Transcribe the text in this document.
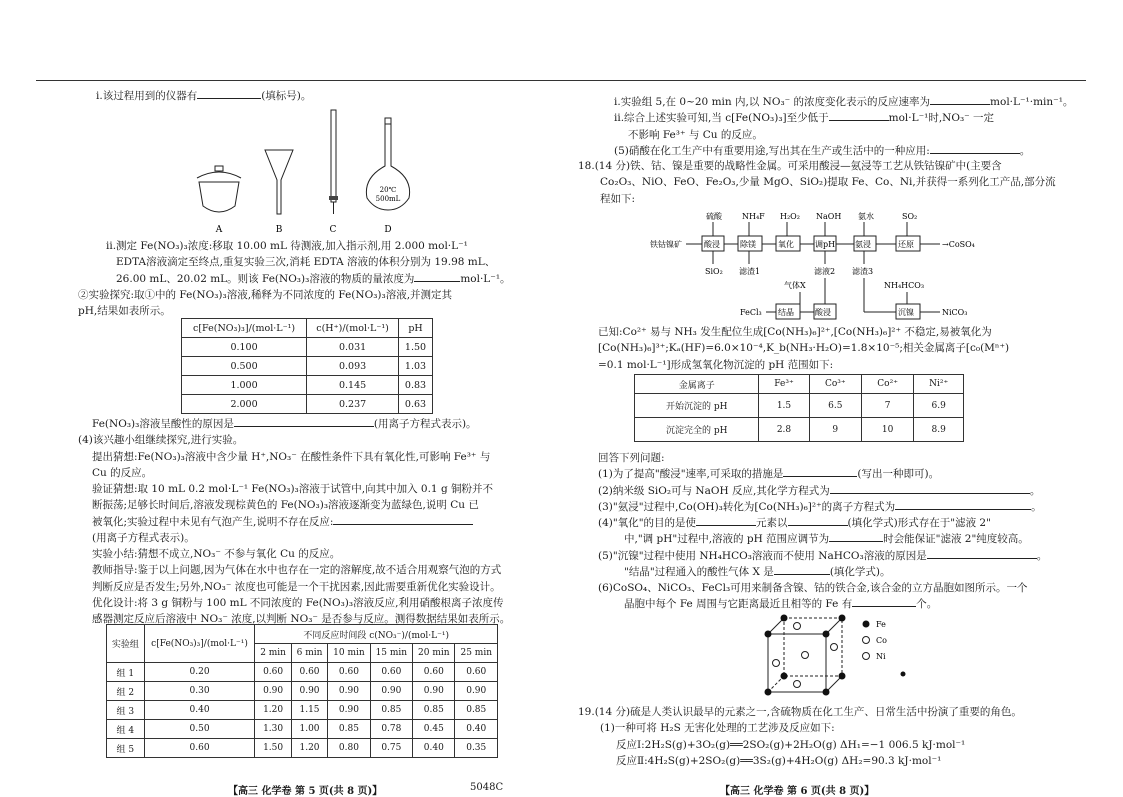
ⅰ.该过程用到的仪器有	(填标号)。
20℃
500mL
A	B	C	D
ⅱ.测定 Fe(NO₃)₃浓度:移取 10.00 mL 待测液,加入指示剂,用 2.000 mol·L⁻¹
EDTA溶液滴定至终点,重复实验三次,消耗 EDTA 溶液的体积分别为 19.98 mL、
26.00 mL、20.02 mL。则该 Fe(NO₃)₃溶液的物质的量浓度为	mol·L⁻¹。
②实验探究:取①中的 Fe(NO₃)₃溶液,稀释为不同浓度的 Fe(NO₃)₃溶液,并测定其
pH,结果如表所示。
c[Fe(NO₃)₃]/(mol·L⁻¹)	c(H⁺)/(mol·L⁻¹)	pH
0.100	0.031	1.50
0.500	0.093	1.03
1.000	0.145	0.83
2.000	0.237	0.63
Fe(NO₃)₃溶液呈酸性的原因是	(用离子方程式表示)。
(4)该兴趣小组继续探究,进行实验。
提出猜想:Fe(NO₃)₃溶液中含少量 H⁺,NO₃⁻ 在酸性条件下具有氧化性,可影响 Fe³⁺ 与
Cu 的反应。
验证猜想:取 10 mL 0.2 mol·L⁻¹ Fe(NO₃)₃溶液于试管中,向其中加入 0.1 g 铜粉并不
断振荡;足够长时间后,溶液发现棕黄色的 Fe(NO₃)₃溶液逐渐变为蓝绿色,说明 Cu 已
被氧化;实验过程中未见有气泡产生,说明不存在反应:
(用离子方程式表示)。
实验小结:猜想不成立,NO₃⁻ 不参与氧化 Cu 的反应。
教师指导:鉴于以上问题,因为气体在水中也存在一定的溶解度,故不适合用观察气泡的方式
判断反应是否发生;另外,NO₃⁻ 浓度也可能是一个干扰因素,因此需要重新优化实验设计。
优化设计:将 3 g 铜粉与 100 mL 不同浓度的 Fe(NO₃)₃溶液反应,利用硝酸根离子浓度传
感器测定反应后溶液中 NO₃⁻ 浓度,以判断 NO₃⁻ 是否参与反应。测得数据结果如表所示。
实验组	c[Fe(NO₃)₃]/(mol·L⁻¹)	不同反应时间段 c(NO₃⁻)/(mol·L⁻¹)					
		2 min	6 min	10 min	15 min	20 min	25 min
组 1	0.20	0.60	0.60	0.60	0.60	0.60	0.60
组 2	0.30	0.90	0.90	0.90	0.90	0.90	0.90
组 3	0.40	1.20	1.15	0.90	0.85	0.85	0.85
组 4	0.50	1.30	1.00	0.85	0.78	0.45	0.40
组 5	0.60	1.50	1.20	0.80	0.75	0.40	0.35
【高三 化学卷 第 5 页(共 8 页)】	5048C
ⅰ.实验组 5,在 0~20 min 内,以 NO₃⁻ 的浓度变化表示的反应速率为	mol·L⁻¹·min⁻¹。
ⅱ.综合上述实验可知,当 c[Fe(NO₃)₃]至少低于	mol·L⁻¹时,NO₃⁻ 一定
不影响 Fe³⁺ 与 Cu 的反应。
(5)硝酸在化工生产中有重要用途,写出其在生产或生活中的一种应用:	。
18.(14 分)铁、钴、镍是重要的战略性金属。可采用酸浸—氨浸等工艺从铁钴镍矿中(主要含
Co₂O₃、NiO、FeO、Fe₂O₃,少量 MgO、SiO₂)提取 Fe、Co、Ni,并获得一系列化工产品,部分流
程如下:
铁钴镍矿
硫酸	NH₄F H₂O₂ NaOH 氨水	SO₂
酸浸	除镁	氧化	调pH 氨浸	还原	→CoSO₄
SiO₂ 滤渣1	滤液2 滤渣3
气体X	NH₄HCO₃
结晶	酸浸	沉镍
FeCl₃	NiCO₃
已知:Co²⁺ 易与 NH₃ 发生配位生成[Co(NH₃)₆]²⁺,[Co(NH₃)₆]²⁺ 不稳定,易被氧化为
[Co(NH₃)₆]³⁺;Kₐ(HF)=6.0×10⁻⁴,K_b(NH₃·H₂O)=1.8×10⁻⁵;相关金属离子[c₀(Mⁿ⁺)
=0.1 mol·L⁻¹]形成氢氧化物沉淀的 pH 范围如下:
金属离子	Fe³⁺	Co³⁺	Co²⁺	Ni²⁺
开始沉淀的 pH	1.5	6.5	7	6.9
沉淀完全的 pH	2.8	9	10	8.9
回答下列问题:
(1)为了提高"酸浸"速率,可采取的措施是	(写出一种即可)。
(2)纳米级 SiO₂可与 NaOH 反应,其化学方程式为	。
(3)"氨浸"过程中,Co(OH)₃转化为[Co(NH₃)₆]²⁺的离子方程式为	。
(4)"氧化"的目的是使	元素以	(填化学式)形式存在于"滤液 2"
中,"调 pH"过程中,溶液的 pH 范围应调节为	时会能保证"滤液 2"纯度较高。
(5)"沉镍"过程中使用 NH₄HCO₃溶液而不使用 NaHCO₃溶液的原因是	。
"结晶"过程通入的酸性气体 X 是	(填化学式)。
(6)CoSO₄、NiCO₃、FeCl₃可用来制备含镍、钴的铁合金,该合金的立方晶胞如图所示。一个
晶胞中每个 Fe 周围与它距离最近且相等的 Fe 有	个。
Fe
Co
Ni
19.(14 分)硫是人类认识最早的元素之一,含硫物质在化工生产、日常生活中扮演了重要的角色。
(1)一种可将 H₂S 无害化处理的工艺涉及反应如下:
反应Ⅰ:2H₂S(g)+3O₂(g)══2SO₂(g)+2H₂O(g) ΔH₁=−1 006.5 kJ·mol⁻¹
反应Ⅱ:4H₂S(g)+2SO₂(g)══3S₂(g)+4H₂O(g) ΔH₂=90.3 kJ·mol⁻¹
【高三 化学卷 第 6 页(共 8 页)】
